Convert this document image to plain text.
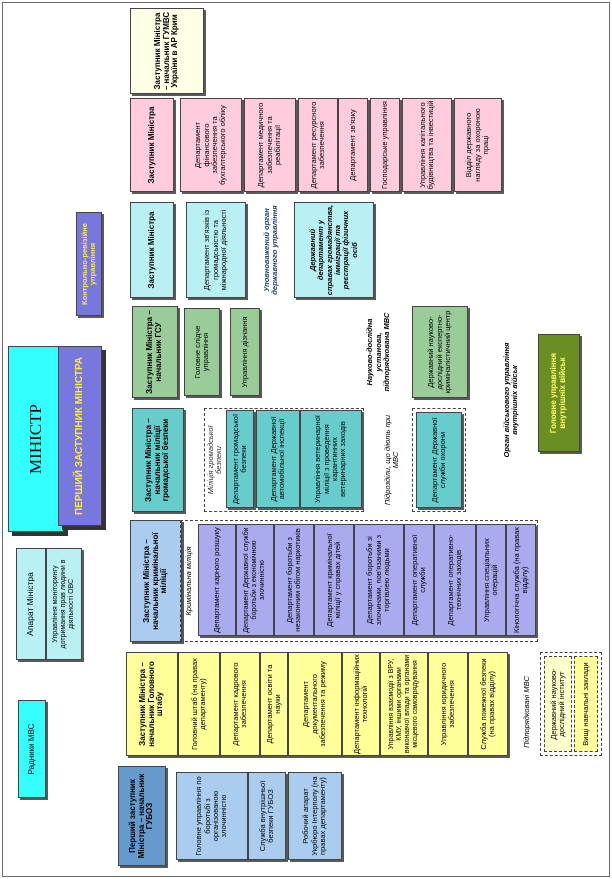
МІНІСТР	ПЕРШИЙ ЗАСТУПНИК МІНІСТРА
Апарат Міністра	Управління моніторингу дотримання прав людини в діяльності ОВС
Радники МВС
Контрольно-ревізійне управління
Перший заступник Міністра – начальник ГУБОЗ	Головне управління по боротьбі з організованою злочинністю	Служба внутрішньої безпеки ГУБОЗ	Робочий апарат Укрбюро Інтерполу (на правах департаменту)
Заступник Міністра – начальник Головного штабу	Головний штаб (на правах департаменту)	Департамент кадрового забезпечення	Департамент освіти та науки	Департамент документального забезпечення та режиму	Департамент інформаційних технологій	Управління взаємодії з ВРУ, КМУ, іншими органами виконавчої влади та органами місцевого самоврядування	Управління юридичного забезпечення	Служба пожежної безпеки (на правах відділу)	Підпорядковані МВС	Державний науково-дослідний інститут	Вищі навчальні заклади
Заступник Міністра – начальник кримінальної міліції	Кримінальна міліція	Департамент карного розшуку	Департамент Державної служби боротьби з економічною злочинністю	Департамент боротьби з незаконним обігом наркотиків	Департамент кримінальної міліції у справах дітей	Департамент боротьби зі злочинами, пов'язаними з торгівлею людьми	Департамент оперативної служби	Департамент оперативно-технічних заходів	Управління спеціальних операцій	Кінологічна служба (на правах відділу)
Заступник Міністра – начальник міліції громадської безпеки	Міліція громадської безпеки	Департамент громадської безпеки	Департамент Державної автомобільної інспекції	Управління ветеринарної міліції з проведення карантинних ветеринарних заходів	Підрозділи, що діють при МВС	Департамент Державної служби охорони
Заступник Міністра – начальник ГСУ	Головне слідче управління	Управління дізнання	Науково-дослідна установа, підпорядкована МВС	Державний науково-дослідний експертно-криміналістичний центр	Орган військового управління внутрішніх військ	Головне управління внутрішніх військ
Заступник Міністра	Департамент зв'язків із громадськістю та міжнародної діяльності	Уповноважений орган державного управління	Державний департамент у справах громадянства, імміграції та реєстрації фізичних осіб
Заступник Міністра	Департамент фінансового забезпечення та бухгалтерського обліку	Департамент медичного забезпечення та реабілітації	Департамент ресурсного забезпечення	Департамент зв'язку	Господарське управління	Управління капітального будівництва та інвестицій	Відділ державного нагляду за охороною праці
Заступник Міністра – начальник ГУМВС України в АР Крим
